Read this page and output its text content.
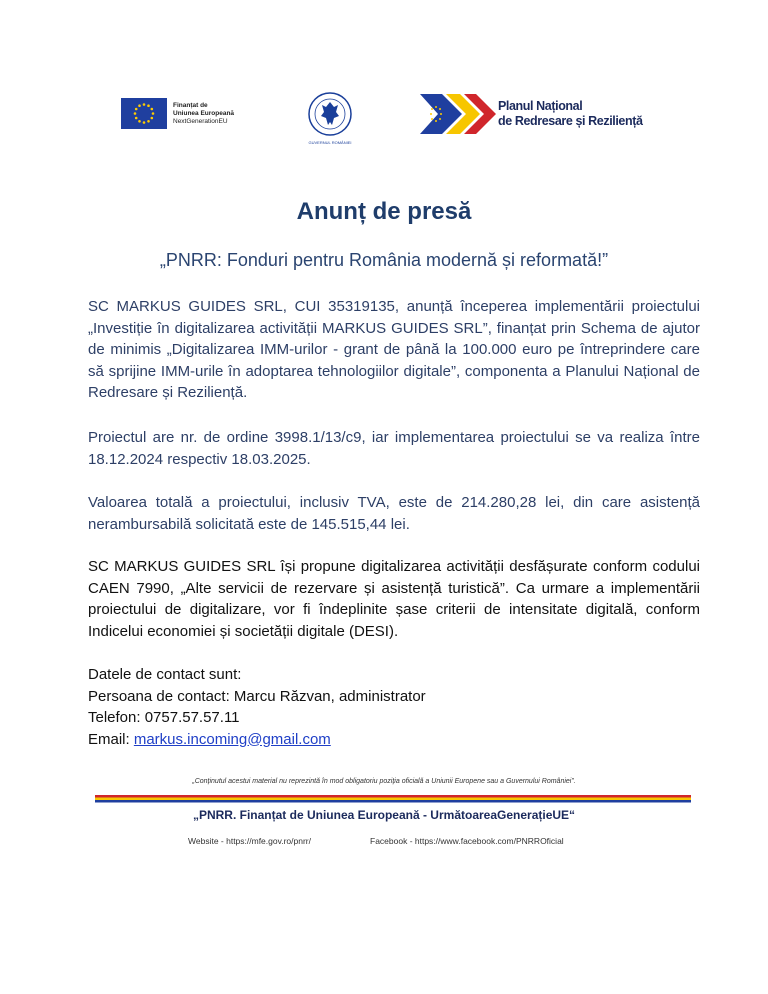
Finanțat de
Uniunea Europeană
NextGenerationEU
GUVERNUL ROMÂNIEI
Planul Național
de Redresare și Reziliență
Anunț de presă

„PNRR: Fonduri pentru România modernă și reformată!”

SC MARKUS GUIDES SRL, CUI 35319135, anunță începerea implementării proiectului „Investiție în digitalizarea activității MARKUS GUIDES SRL”, finanțat prin Schema de ajutor de minimis „Digitalizarea IMM-urilor - grant de până la 100.000 euro pe întreprindere care să sprijine IMM-urile în adoptarea tehnologiilor digitale”, componenta a Planului Național de Redresare și Reziliență.

Proiectul are nr. de ordine 3998.1/13/c9, iar implementarea proiectului se va realiza între 18.12.2024 respectiv 18.03.2025.

Valoarea totală a proiectului, inclusiv TVA, este de 214.280,28 lei, din care asistență nerambursabilă solicitată este de 145.515,44 lei.

SC MARKUS GUIDES SRL își propune digitalizarea activității desfășurate conform codului CAEN 7990, „Alte servicii de rezervare și asistență turistică”. Ca urmare a implementării proiectului de digitalizare, vor fi îndeplinite șase criterii de intensitate digitală, conform Indicelui economiei și societății digitale (DESI).

Datele de contact sunt:
Persoana de contact: Marcu Răzvan, administrator
Telefon: 0757.57.57.11
Email: markus.incoming@gmail.com
„Conținutul acestui material nu reprezintă în mod obligatoriu poziția oficială a Uniunii Europene sau a Guvernului României”.
„PNRR. Finanțat de Uniunea Europeană - UrmătoareaGenerațieUE“
Website - https://mfe.gov.ro/pnrr/	Facebook - https://www.facebook.com/PNRROficial
